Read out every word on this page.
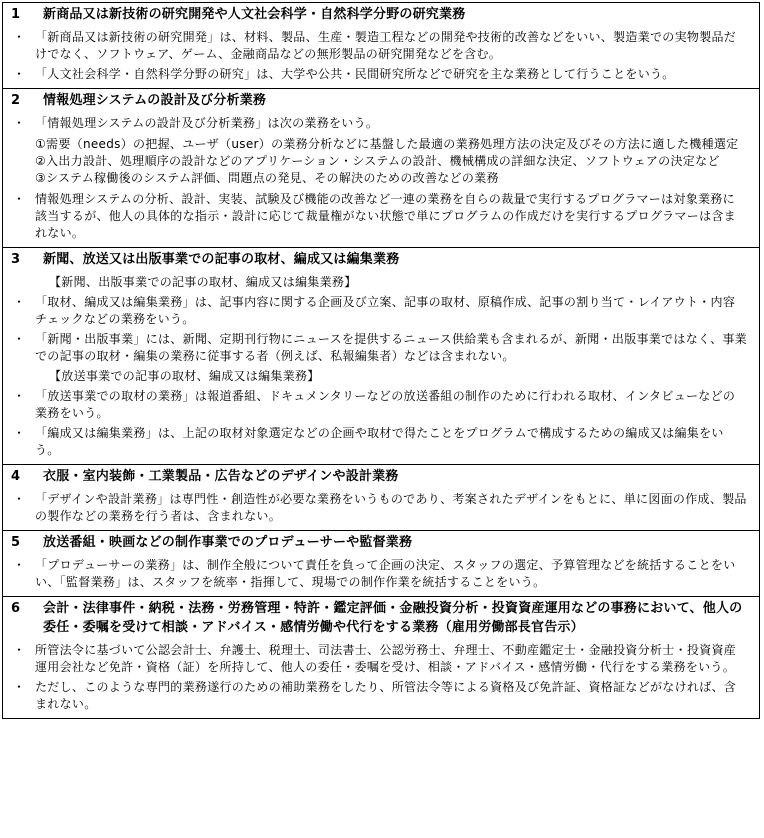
1	新商品又は新技術の研究開発や人文社会科学・自然科学分野の研究業務
・ 「新商品又は新技術の研究開発」は、材料、製品、生産・製造工程などの開発や技術的改善などをいい、製造業での実物製品だけでなく、ソフトウェア、ゲーム、金融商品などの無形製品の研究開発などを含む。
・ 「人文社会科学・自然科学分野の研究」は、大学や公共・民間研究所などで研究を主な業務として行うことをいう。
2	情報処理システムの設計及び分析業務
・ 「情報処理システムの設計及び分析業務」は次の業務をいう。
①需要（needs）の把握、ユーザ（user）の業務分析などに基盤した最適の業務処理方法の決定及びその方法に適した機種選定
②入出力設計、処理順序の設計などのアプリケーション・システムの設計、機械構成の詳細な決定、ソフトウェアの決定など
③システム稼働後のシステム評価、問題点の発見、その解決のための改善などの業務
・ 情報処理システムの分析、設計、実装、試験及び機能の改善など一連の業務を自らの裁量で実行するプログラマーは対象業務に該当するが、他人の具体的な指示・設計に応じて裁量権がない状態で単にプログラムの作成だけを実行するプログラマーは含まれない。
3	新聞、放送又は出版事業での記事の取材、編成又は編集業務
【新聞、出版事業での記事の取材、編成又は編集業務】
・ 「取材、編成又は編集業務」は、記事内容に関する企画及び立案、記事の取材、原稿作成、記事の割り当て・レイアウト・内容チェックなどの業務をいう。
・ 「新聞・出版事業」には、新聞、定期刊行物にニュースを提供するニュース供給業も含まれるが、新聞・出版事業ではなく、事業での記事の取材・編集の業務に従事する者（例えば、私報編集者）などは含まれない。
【放送事業での記事の取材、編成又は編集業務】
・ 「放送事業での取材の業務」は報道番組、ドキュメンタリーなどの放送番組の制作のために行われる取材、インタビューなどの業務をいう。
・ 「編成又は編集業務」は、上記の取材対象選定などの企画や取材で得たことをプログラムで構成するための編成又は編集をいう。
4	衣服・室内装飾・工業製品・広告などのデザインや設計業務
・ 「デザインや設計業務」は専門性・創造性が必要な業務をいうものであり、考案されたデザインをもとに、単に図面の作成、製品の製作などの業務を行う者は、含まれない。
5	放送番組・映画などの制作事業でのプロデューサーや監督業務
・ 「プロデューサーの業務」は、制作全般について責任を負って企画の決定、スタッフの選定、予算管理などを統括することをいい、「監督業務」は、スタッフを統率・指揮して、現場での制作作業を統括することをいう。
6	会計・法律事件・納税・法務・労務管理・特許・鑑定評価・金融投資分析・投資資産運用などの事務において、他人の委任・委嘱を受けて相談・アドバイス・感情労働や代行をする業務（雇用労働部長官告示）
・ 所管法令に基づいて公認会計士、弁護士、税理士、司法書士、公認労務士、弁理士、不動産鑑定士・金融投資分析士・投資資産運用会社など免許・資格（証）を所持して、他人の委任・委嘱を受け、相談・アドバイス・感情労働・代行をする業務をいう。
・ ただし、このような専門的業務遂行のための補助業務をしたり、所管法令等による資格及び免許証、資格証などがなければ、含まれない。
